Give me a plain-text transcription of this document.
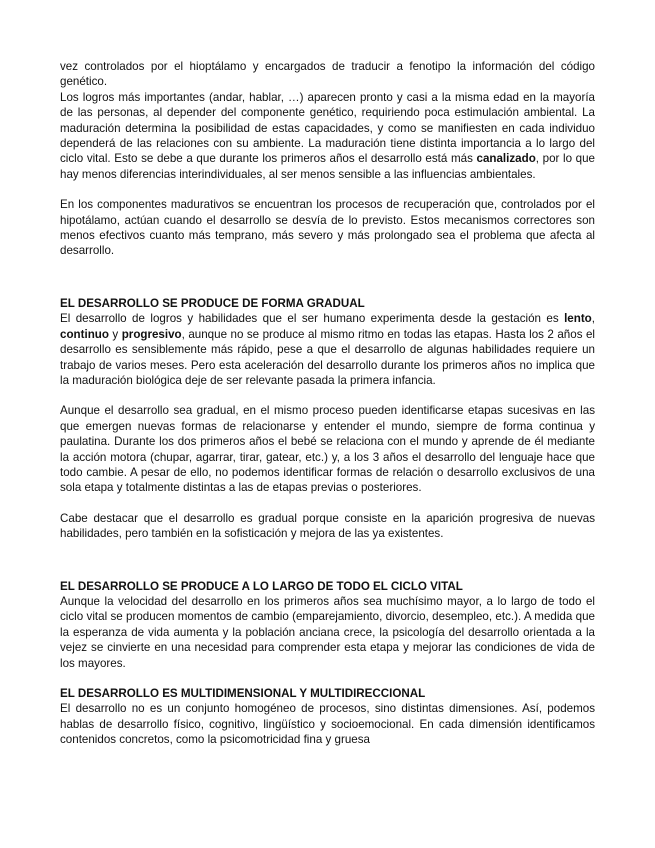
vez controlados por el hioptálamo y encargados de traducir a fenotipo la información del código genético.

Los logros más importantes (andar, hablar, …) aparecen pronto y casi a la misma edad en la mayoría de las personas, al depender del componente genético, requiriendo poca estimulación ambiental. La maduración determina la posibilidad de estas capacidades, y como se manifiesten en cada individuo dependerá de las relaciones con su ambiente. La maduración tiene distinta importancia a lo largo del ciclo vital. Esto se debe a que durante los primeros años el desarrollo está más canalizado, por lo que hay menos diferencias interindividuales, al ser menos sensible a las influencias ambientales.

En los componentes madurativos se encuentran los procesos de recuperación que, controlados por el hipotálamo, actúan cuando el desarrollo se desvía de lo previsto. Estos mecanismos correctores son menos efectivos cuanto más temprano, más severo y más prolongado sea el problema que afecta al desarrollo.

EL DESARROLLO SE PRODUCE DE FORMA GRADUAL

El desarrollo de logros y habilidades que el ser humano experimenta desde la gestación es lento, continuo y progresivo, aunque no se produce al mismo ritmo en todas las etapas. Hasta los 2 años el desarrollo es sensiblemente más rápido, pese a que el desarrollo de algunas habilidades requiere un trabajo de varios meses. Pero esta aceleración del desarrollo durante los primeros años no implica que la maduración biológica deje de ser relevante pasada la primera infancia.

Aunque el desarrollo sea gradual, en el mismo proceso pueden identificarse etapas sucesivas en las que emergen nuevas formas de relacionarse y entender el mundo, siempre de forma continua y paulatina. Durante los dos primeros años el bebé se relaciona con el mundo y aprende de él mediante la acción motora (chupar, agarrar, tirar, gatear, etc.) y, a los 3 años el desarrollo del lenguaje hace que todo cambie. A pesar de ello, no podemos identificar formas de relación o desarrollo exclusivos de una sola etapa y totalmente distintas a las de etapas previas o posteriores.

Cabe destacar que el desarrollo es gradual porque consiste en la aparición progresiva de nuevas habilidades, pero también en la sofisticación y mejora de las ya existentes.

EL DESARROLLO SE PRODUCE A LO LARGO DE TODO EL CICLO VITAL

Aunque la velocidad del desarrollo en los primeros años sea muchísimo mayor, a lo largo de todo el ciclo vital se producen momentos de cambio (emparejamiento, divorcio, desempleo, etc.). A medida que la esperanza de vida aumenta y la población anciana crece, la psicología del desarrollo orientada a la vejez se cinvierte en una necesidad para comprender esta etapa y mejorar las condiciones de vida de los mayores.

EL DESARROLLO ES MULTIDIMENSIONAL Y MULTIDIRECCIONAL

El desarrollo no es un conjunto homogéneo de procesos, sino distintas dimensiones. Así, podemos hablas de desarrollo físico, cognitivo, lingüístico y socioemocional. En cada dimensión identificamos contenidos concretos, como la psicomotricidad fina y gruesa
